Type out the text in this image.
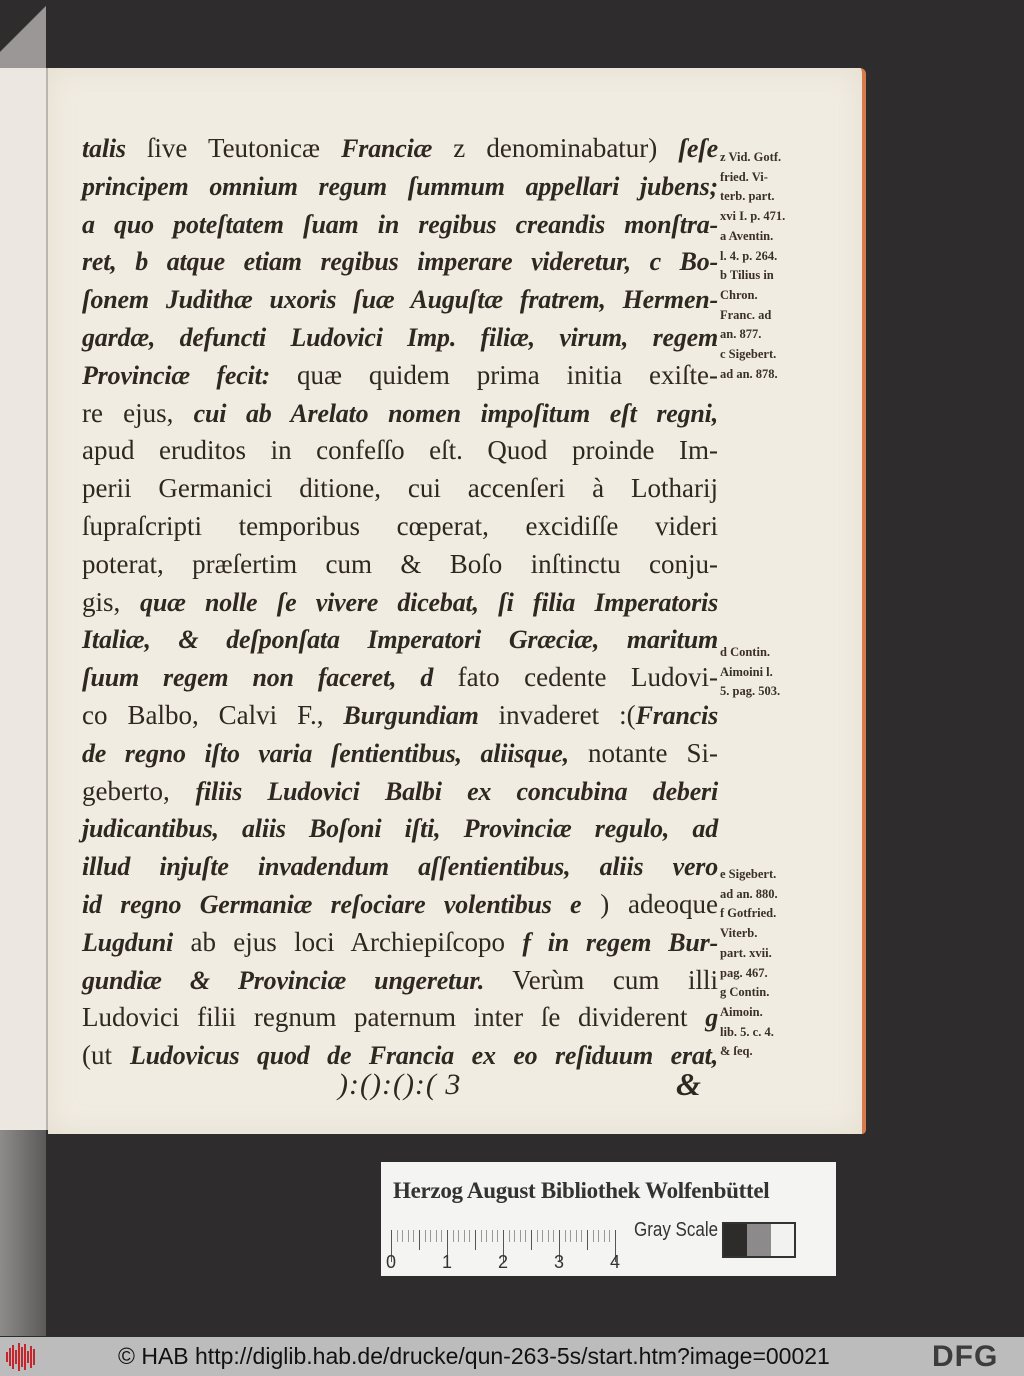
talis ſive Teutonicæ Franciæ z denominabatur) ſeſe
principem omnium regum ſummum appellari jubens;
a quo poteſtatem ſuam in regibus creandis monſtra-
ret, b atque etiam regibus imperare videretur, c Bo-
ſonem Judithæ uxoris ſuæ Auguſtæ fratrem, Hermen-
gardæ, defuncti Ludovici Imp. filiæ, virum, regem
Provinciæ fecit: quæ quidem prima initia exiſte-
re ejus, cui ab Arelato nomen impoſitum eſt regni,
apud eruditos in confeſſo eſt. Quod proinde Im-
perii Germanici ditione, cui accenſeri à Lotharij
ſupraſcripti temporibus cœperat, excidiſſe videri
poterat, præſertim cum & Boſo inſtinctu conju-
gis, quæ nolle ſe vivere dicebat, ſi filia Imperatoris
Italiæ, & deſponſata Imperatori Græciæ, maritum
ſuum regem non faceret, d fato cedente Ludovi-
co Balbo, Calvi F., Burgundiam invaderet :(Francis
de regno iſto varia ſentientibus, aliisque, notante Si-
geberto, filiis Ludovici Balbi ex concubina deberi
judicantibus, aliis Boſoni iſti, Provinciæ regulo, ad
illud injuſte invadendum aſſentientibus, aliis vero
id regno Germaniæ reſociare volentibus e ) adeoque
Lugduni ab ejus loci Archiepiſcopo f in regem Bur-
gundiæ & Provinciæ ungeretur. Verùm cum illi
Ludovici filii regnum paternum inter ſe dividerent g
(ut Ludovicus quod de Francia ex eo reſiduum erat,
z Vid. Gotf.
fried. Vi-
terb. part.
xvi I. p. 471.
a Aventin.
l. 4. p. 264.
b Tilius in
Chron.
Franc. ad
an. 877.
c Sigebert.
ad an. 878.
d Contin.
Aimoini l.
5. pag. 503.
e Sigebert.
ad an. 880.
f Gotfried.
Viterb.
part. xvii.
pag. 467.
g Contin.
Aimoin.
lib. 5. c. 4.
& ſeq.
):():():( 3	&
Herzog August Bibliothek Wolfenbüttel
0	1	2	3	4
Gray Scale
© HAB http://diglib.hab.de/drucke/qun-263-5s/start.htm?image=00021	DFG
